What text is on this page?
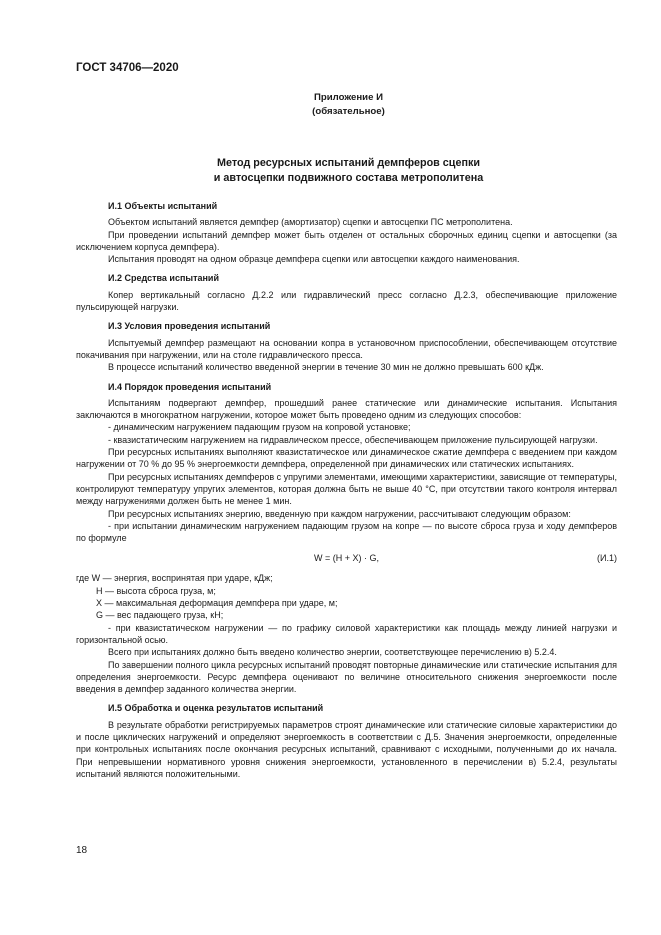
ГОСТ 34706—2020
Приложение И
(обязательное)
Метод ресурсных испытаний демпферов сцепки
и автосцепки подвижного состава метрополитена

И.1 Объекты испытаний

Объектом испытаний является демпфер (амортизатор) сцепки и автосцепки ПС метрополитена.

При проведении испытаний демпфер может быть отделен от остальных сборочных единиц сцепки и автосцепки (за исключением корпуса демпфера).

Испытания проводят на одном образце демпфера сцепки или автосцепки каждого наименования.

И.2 Средства испытаний

Копер вертикальный согласно Д.2.2 или гидравлический пресс согласно Д.2.3, обеспечивающие приложение пульсирующей нагрузки.

И.3 Условия проведения испытаний

Испытуемый демпфер размещают на основании копра в установочном приспособлении, обеспечивающем отсутствие покачивания при нагружении, или на столе гидравлического пресса.

В процессе испытаний количество введенной энергии в течение 30 мин не должно превышать 600 кДж.

И.4 Порядок проведения испытаний

Испытаниям подвергают демпфер, прошедший ранее статические или динамические испытания. Испытания заключаются в многократном нагружении, которое может быть проведено одним из следующих способов:

- динамическим нагружением падающим грузом на копровой установке;

- квазистатическим нагружением на гидравлическом прессе, обеспечивающем приложение пульсирующей нагрузки.

При ресурсных испытаниях выполняют квазистатическое или динамическое сжатие демпфера с введением при каждом нагружении от 70 % до 95 % энергоемкости демпфера, определенной при динамических или статических испытаниях.

При ресурсных испытаниях демпферов с упругими элементами, имеющими характеристики, зависящие от температуры, контролируют температуру упругих элементов, которая должна быть не выше 40 °С, при отсутствии такого контроля интервал между нагружениями должен быть не менее 1 мин.

При ресурсных испытаниях энергию, введенную при каждом нагружении, рассчитывают следующим образом:

- при испытании динамическим нагружением падающим грузом на копре — по высоте сброса груза и ходу демпферов по формуле

W = (H + X) · G,	(И.1)
где W — энергия, воспринятая при ударе, кДж;
H — высота сброса груза, м;
X — максимальная деформация демпфера при ударе, м;
G — вес падающего груза, кН;

- при квазистатическом нагружении — по графику силовой характеристики как площадь между линией нагрузки и горизонтальной осью.

Всего при испытаниях должно быть введено количество энергии, соответствующее перечислению в) 5.2.4.

По завершении полного цикла ресурсных испытаний проводят повторные динамические или статические испытания для определения энергоемкости. Ресурс демпфера оценивают по величине относительного снижения энергоемкости после введения в демпфер заданного количества энергии.

И.5 Обработка и оценка результатов испытаний

В результате обработки регистрируемых параметров строят динамические или статические силовые характеристики до и после циклических нагружений и определяют энергоемкость в соответствии с Д.5. Значения энергоемкости, определенные при контрольных испытаниях после окончания ресурсных испытаний, сравнивают с исходными, полученными до их начала. При непревышении нормативного уровня снижения энергоемкости, установленного в перечислении в) 5.2.4, результаты испытаний являются положительными.

18
